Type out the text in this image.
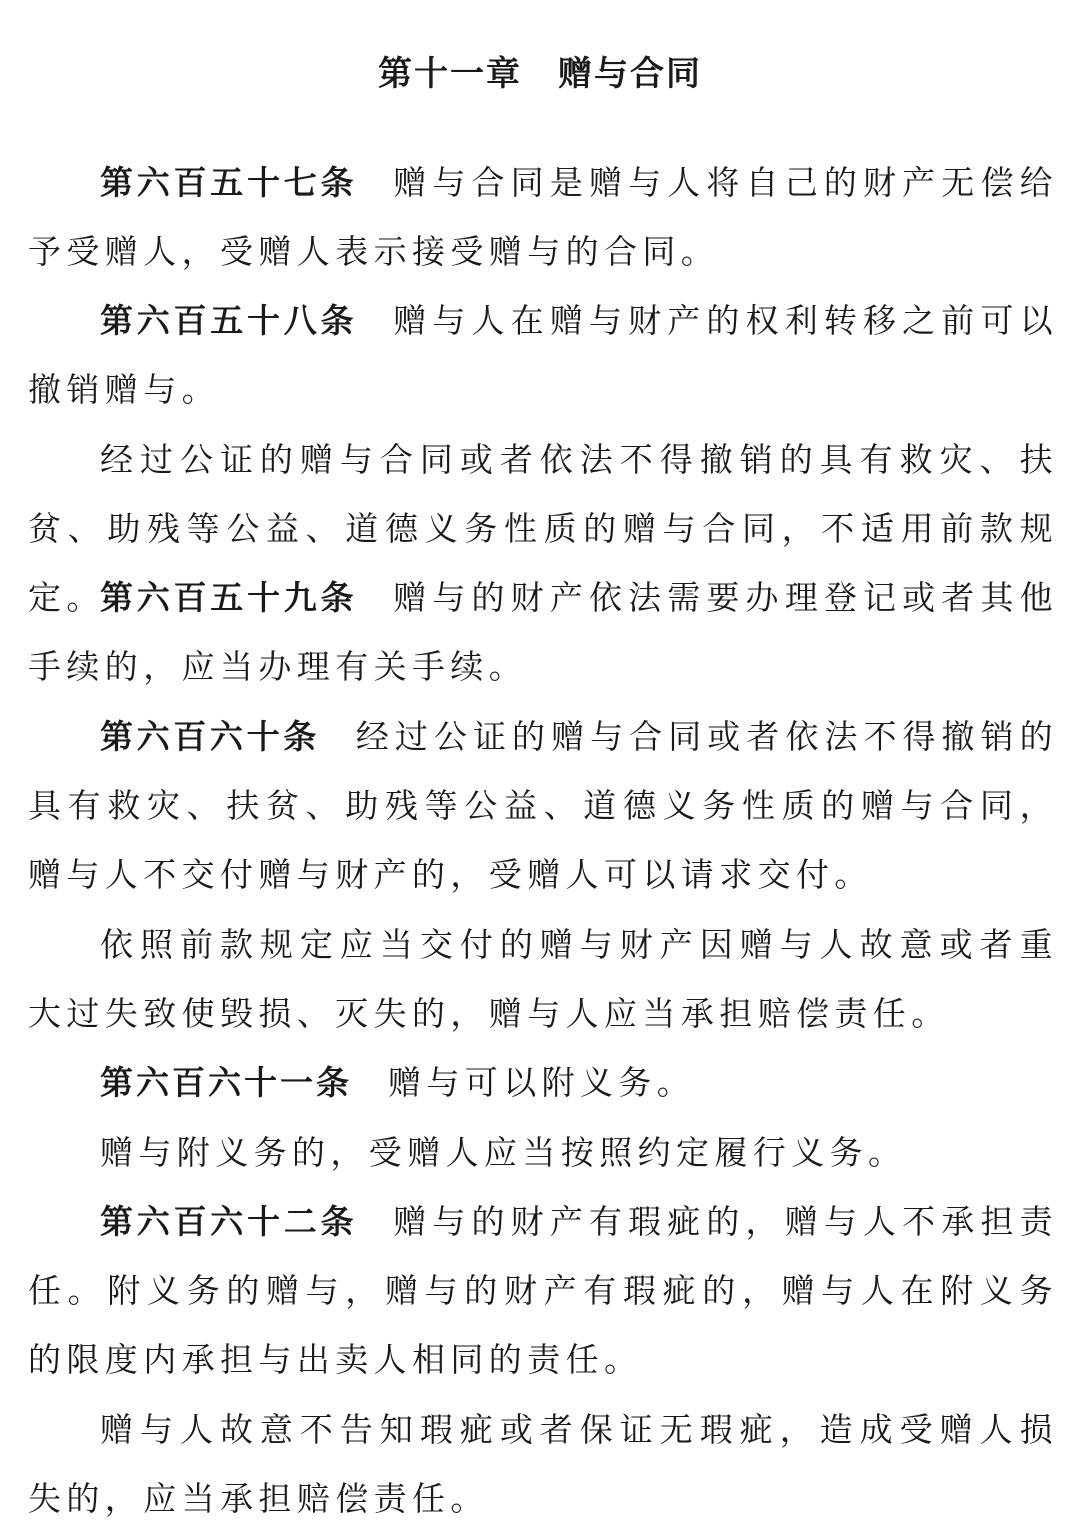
第十一章　赠与合同

第六百五十七条 赠与合同是赠与人将自己的财产无偿给予受赠人，受赠人表示接受赠与的合同。

第六百五十八条 赠与人在赠与财产的权利转移之前可以撤销赠与。

经过公证的赠与合同或者依法不得撤销的具有救灾、扶贫、助残等公益、道德义务性质的赠与合同，不适用前款规定。

第六百五十九条 赠与的财产依法需要办理登记或者其他手续的，应当办理有关手续。

第六百六十条 经过公证的赠与合同或者依法不得撤销的具有救灾、扶贫、助残等公益、道德义务性质的赠与合同，赠与人不交付赠与财产的，受赠人可以请求交付。

依照前款规定应当交付的赠与财产因赠与人故意或者重大过失致使毁损、灭失的，赠与人应当承担赔偿责任。

第六百六十一条 赠与可以附义务。

赠与附义务的，受赠人应当按照约定履行义务。

第六百六十二条 赠与的财产有瑕疵的，赠与人不承担责任。附义务的赠与，赠与的财产有瑕疵的，赠与人在附义务的限度内承担与出卖人相同的责任。

赠与人故意不告知瑕疵或者保证无瑕疵，造成受赠人损失的，应当承担赔偿责任。
